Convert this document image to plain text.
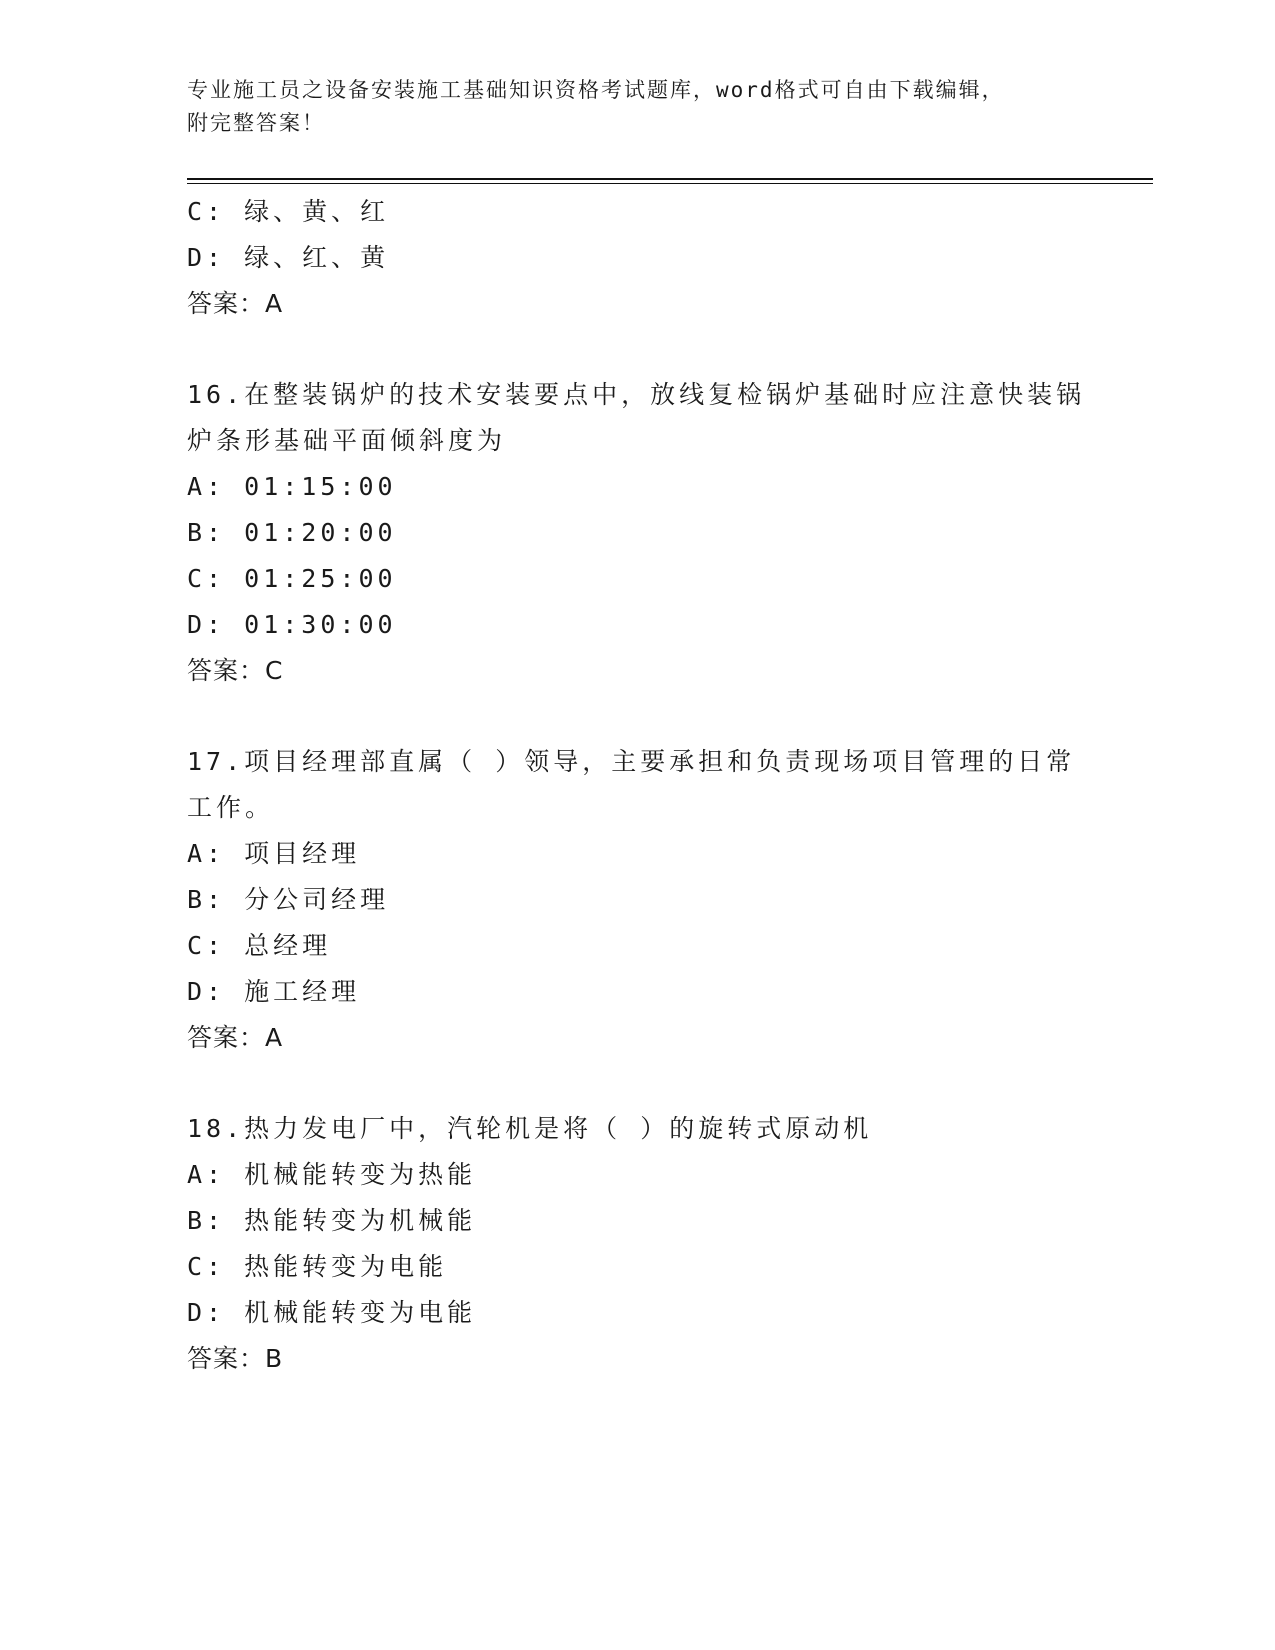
专业施工员之设备安装施工基础知识资格考试题库，word格式可自由下载编辑，
附完整答案！
C: 绿、黄、红
D: 绿、红、黄
答案：A
16.在整装锅炉的技术安装要点中，放线复检锅炉基础时应注意快装锅
炉条形基础平面倾斜度为
A: 01:15:00
B: 01:20:00
C: 01:25:00
D: 01:30:00
答案：C
17.项目经理部直属（ ）领导，主要承担和负责现场项目管理的日常
工作。
A: 项目经理
B: 分公司经理
C: 总经理
D: 施工经理
答案：A
18.热力发电厂中，汽轮机是将（ ）的旋转式原动机
A: 机械能转变为热能
B: 热能转变为机械能
C: 热能转变为电能
D: 机械能转变为电能
答案：B
